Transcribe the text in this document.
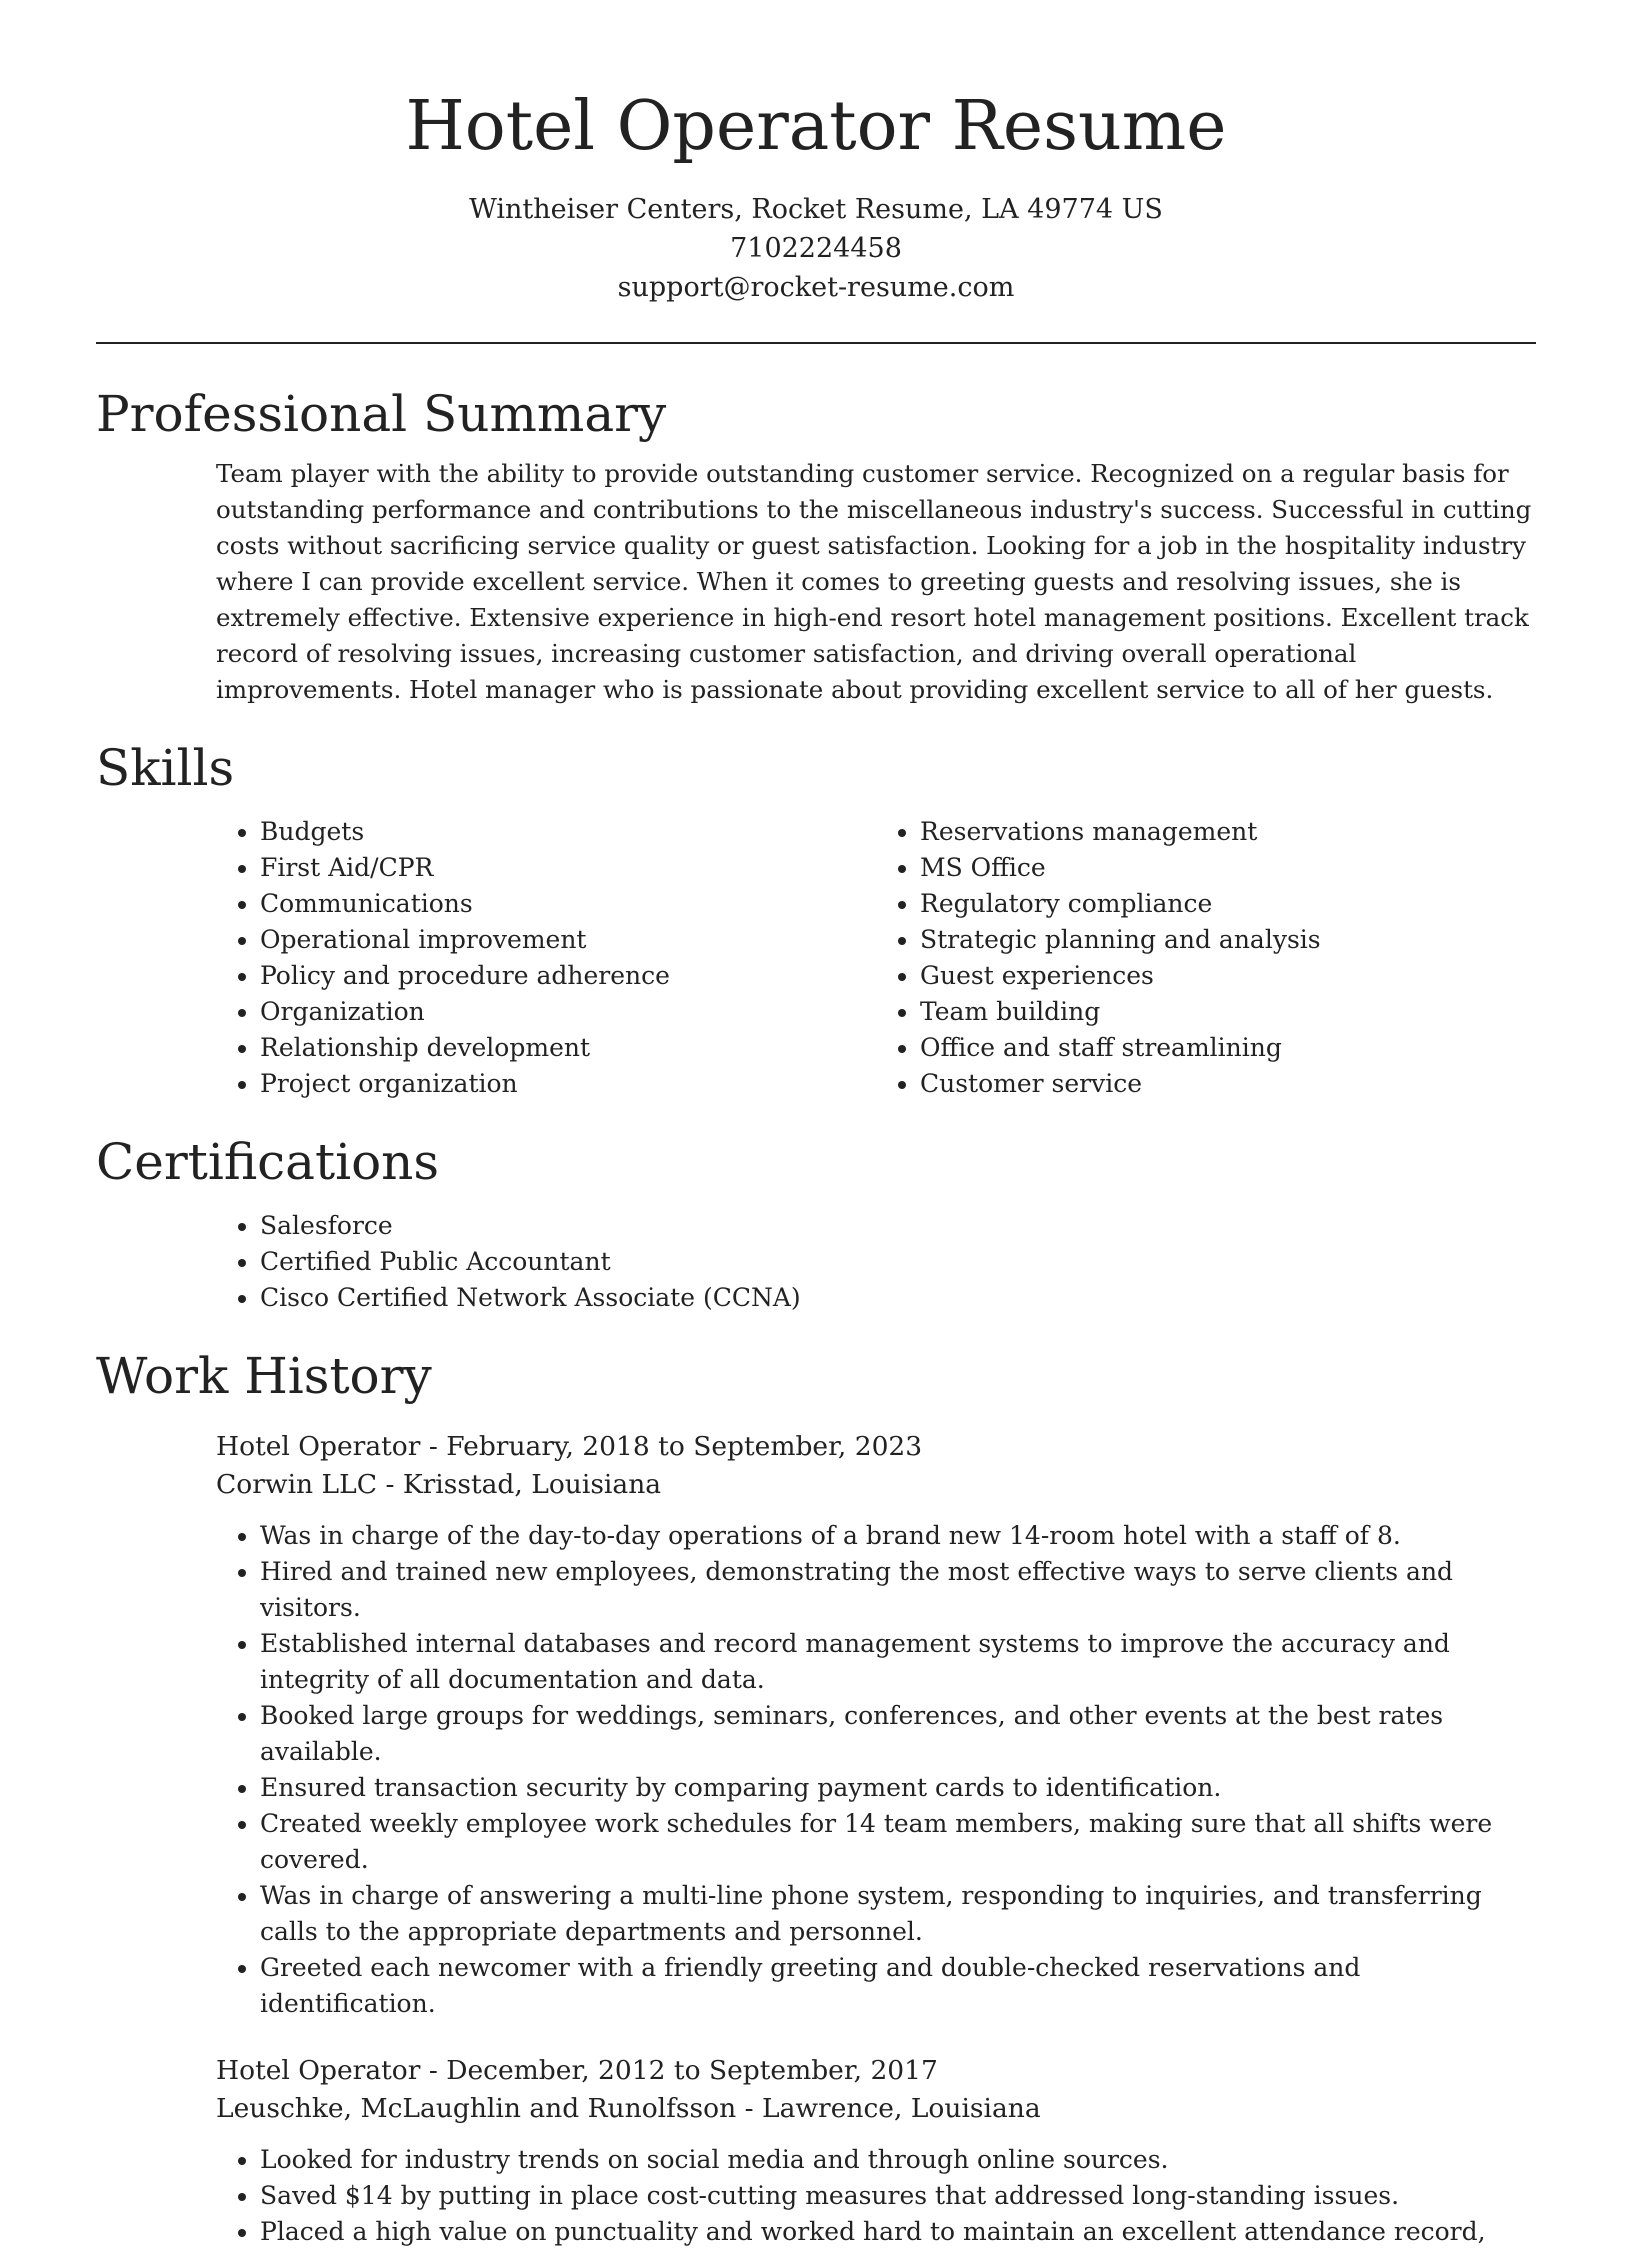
Hotel Operator Resume
Wintheiser Centers, Rocket Resume, LA 49774 US
7102224458
support@rocket-resume.com
Professional Summary

Team player with the ability to provide outstanding customer service. Recognized on a regular basis for outstanding performance and contributions to the miscellaneous industry's success. Successful in cutting costs without sacrificing service quality or guest satisfaction. Looking for a job in the hospitality industry where I can provide excellent service. When it comes to greeting guests and resolving issues, she is extremely effective. Extensive experience in high-end resort hotel management positions. Excellent track record of resolving issues, increasing customer satisfaction, and driving overall operational improvements. Hotel manager who is passionate about providing excellent service to all of her guests.

Skills
• Budgets
• First Aid/CPR
• Communications
• Operational improvement
• Policy and procedure adherence
• Organization
• Relationship development
• Project organization
• Reservations management
• MS Office
• Regulatory compliance
• Strategic planning and analysis
• Guest experiences
• Team building
• Office and staff streamlining
• Customer service
Certifications
• Salesforce
• Certified Public Accountant
• Cisco Certified Network Associate (CCNA)
Work History
Hotel Operator - February, 2018 to September, 2023
Corwin LLC - Krisstad, Louisiana
• Was in charge of the day-to-day operations of a brand new 14-room hotel with a staff of 8.
• Hired and trained new employees, demonstrating the most effective ways to serve clients and visitors.
• Established internal databases and record management systems to improve the accuracy and integrity of all documentation and data.
• Booked large groups for weddings, seminars, conferences, and other events at the best rates available.
• Ensured transaction security by comparing payment cards to identification.
• Created weekly employee work schedules for 14 team members, making sure that all shifts were covered.
• Was in charge of answering a multi-line phone system, responding to inquiries, and transferring calls to the appropriate departments and personnel.
• Greeted each newcomer with a friendly greeting and double-checked reservations and identification.
Hotel Operator - December, 2012 to September, 2017
Leuschke, McLaughlin and Runolfsson - Lawrence, Louisiana
• Looked for industry trends on social media and through online sources.
• Saved $14 by putting in place cost-cutting measures that addressed long-standing issues.
• Placed a high value on punctuality and worked hard to maintain an excellent attendance record,
